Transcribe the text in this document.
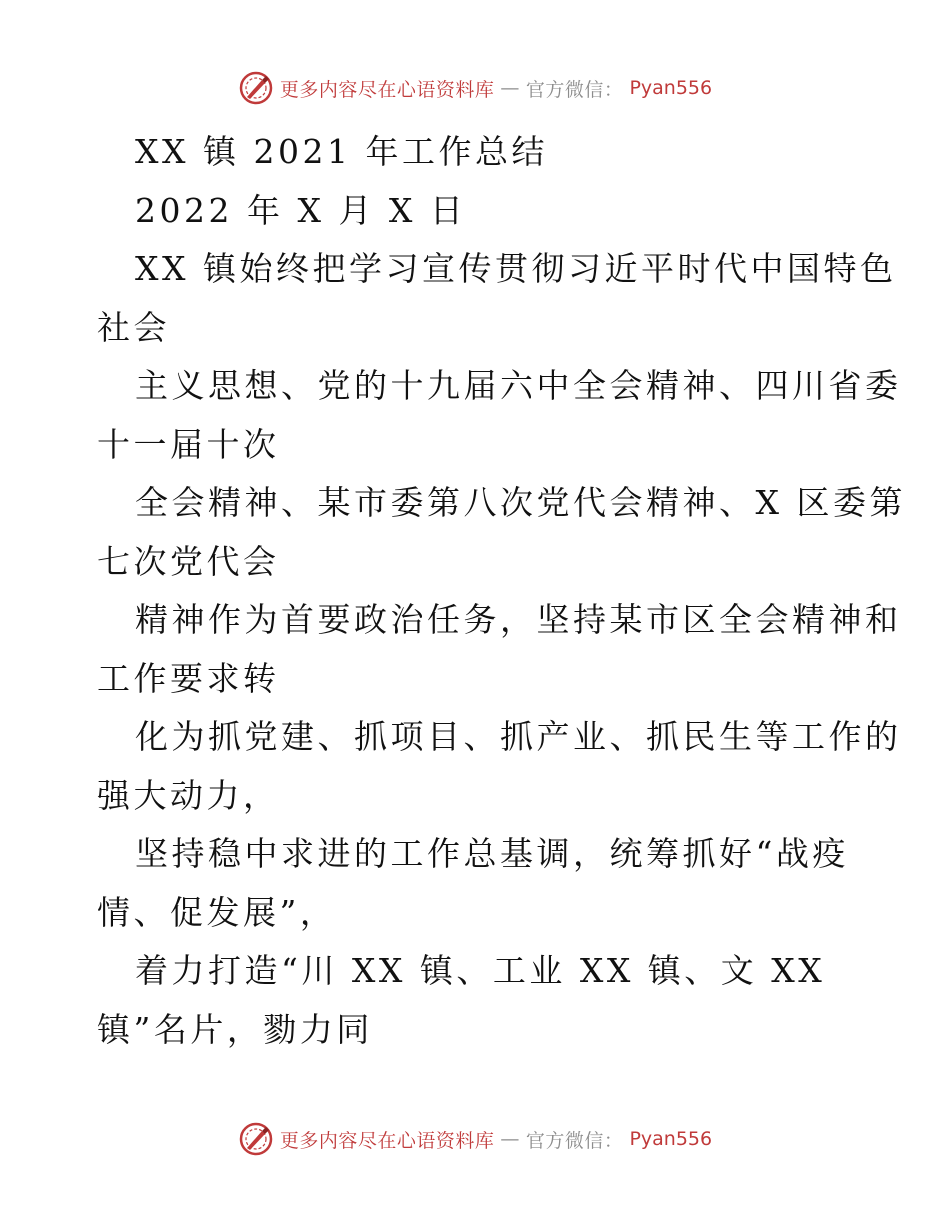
更多内容尽在心语资料库 — 官方微信： Pyan556
XX 镇 2021 年工作总结
2022 年 X 月 X 日
XX 镇始终把学习宣传贯彻习近平时代中国特色
社会
主义思想、党的十九届六中全会精神、四川省委
十一届十次
全会精神、某市委第八次党代会精神、X 区委第
七次党代会
精神作为首要政治任务，坚持某市区全会精神和
工作要求转
化为抓党建、抓项目、抓产业、抓民生等工作的
强大动力，
坚持稳中求进的工作总基调，统筹抓好“战疫
情、促发展”，
着力打造“川 XX 镇、工业 XX 镇、文 XX
镇”名片，勠力同
更多内容尽在心语资料库 — 官方微信： Pyan556
